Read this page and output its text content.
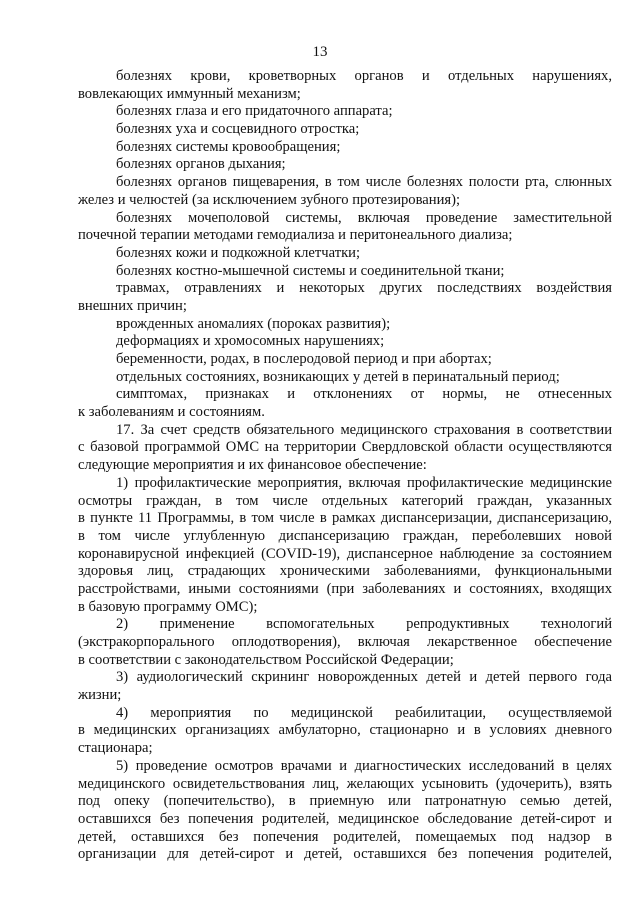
13
болезнях крови, кроветворных органов и отдельных нарушениях,
вовлекающих иммунный механизм;
болезнях глаза и его придаточного аппарата;
болезнях уха и сосцевидного отростка;
болезнях системы кровообращения;
болезнях органов дыхания;
болезнях органов пищеварения, в том числе болезнях полости рта, слюнных
желез и челюстей (за исключением зубного протезирования);
болезнях мочеполовой системы, включая проведение заместительной
почечной терапии методами гемодиализа и перитонеального диализа;
болезнях кожи и подкожной клетчатки;
болезнях костно-мышечной системы и соединительной ткани;
травмах, отравлениях и некоторых других последствиях воздействия
внешних причин;
врожденных аномалиях (пороках развития);
деформациях и хромосомных нарушениях;
беременности, родах, в послеродовой период и при абортах;
отдельных состояниях, возникающих у детей в перинатальный период;
симптомах, признаках и отклонениях от нормы, не отнесенных
к заболеваниям и состояниям.
17. За счет средств обязательного медицинского страхования в соответствии
с базовой программой ОМС на территории Свердловской области осуществляются
следующие мероприятия и их финансовое обеспечение:
1) профилактические мероприятия, включая профилактические медицинские
осмотры граждан, в том числе отдельных категорий граждан, указанных
в пункте 11 Программы, в том числе в рамках диспансеризации, диспансеризацию,
в том числе углубленную диспансеризацию граждан, переболевших новой
коронавирусной инфекцией (COVID-19), диспансерное наблюдение за состоянием
здоровья лиц, страдающих хроническими заболеваниями, функциональными
расстройствами, иными состояниями (при заболеваниях и состояниях, входящих
в базовую программу ОМС);
2) применение вспомогательных репродуктивных технологий
(экстракорпорального оплодотворения), включая лекарственное обеспечение
в соответствии с законодательством Российской Федерации;
3) аудиологический скрининг новорожденных детей и детей первого года
жизни;
4) мероприятия по медицинской реабилитации, осуществляемой
в медицинских организациях амбулаторно, стационарно и в условиях дневного
стационара;
5) проведение осмотров врачами и диагностических исследований в целях
медицинского освидетельствования лиц, желающих усыновить (удочерить), взять
под опеку (попечительство), в приемную или патронатную семью детей,
оставшихся без попечения родителей, медицинское обследование детей-сирот и
детей, оставшихся без попечения родителей, помещаемых под надзор в
организации для детей-сирот и детей, оставшихся без попечения родителей,
